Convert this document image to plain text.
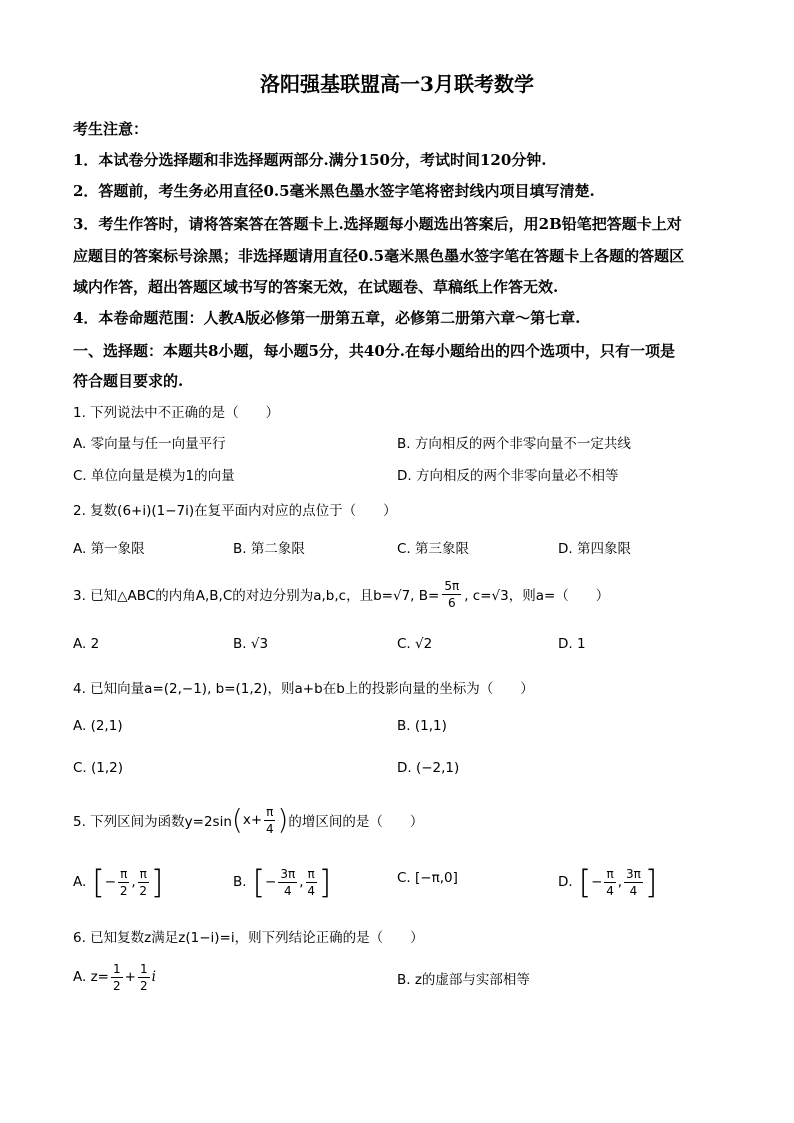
洛阳强基联盟高一3月联考数学
考生注意：
1．本试卷分选择题和非选择题两部分.满分150分，考试时间120分钟.
2．答题前，考生务必用直径0.5毫米黑色墨水签字笔将密封线内项目填写清楚.
3．考生作答时，请将答案答在答题卡上.选择题每小题选出答案后，用2B铅笔把答题卡上对
应题目的答案标号涂黑；非选择题请用直径0.5毫米黑色墨水签字笔在答题卡上各题的答题区
域内作答，超出答题区域书写的答案无效，在试题卷、草稿纸上作答无效.
4．本卷命题范围：人教A版必修第一册第五章，必修第二册第六章～第七章.
一、选择题：本题共8小题，每小题5分，共40分.在每小题给出的四个选项中，只有一项是
符合题目要求的.
1. 下列说法中不正确的是（　　）
A. 零向量与任一向量平行	B. 方向相反的两个非零向量不一定共线
C. 单位向量是模为1的向量	D. 方向相反的两个非零向量必不相等
2. 复数(6+i)(1−7i)在复平面内对应的点位于（　　）
A. 第一象限	B. 第二象限	C. 第三象限	D. 第四象限
3. 已知△ABC的内角A,B,C的对边分别为a,b,c，且b=√7, $B= \frac{5\pi}{6}$ , c=√3，则a=（　　）
A. 2	B. √3	C. √2	D. 1
4. 已知向量a=(2,−1), b=(1,2)，则a+b在b上的投影向量的坐标为（　　）
A. (2,1)	B. (1,1)
C. (1,2)	D. (−2,1)
5. 下列区间为函数y=2sin ( $x+ \frac{\pi}{4}$ ) 的增区间的是（　　）
A. [ − $\frac{\pi}{2}$ , $\frac{\pi}{2}$ ]	B. [ − $\frac{3\pi}{4}$ , $\frac{\pi}{4}$ ]	C. [−π,0]	D. [ − $\frac{\pi}{4}$ , $\frac{3\pi}{4}$ ]
6. 已知复数z满足z(1−i)=i，则下列结论正确的是（　　）
A. $z= \frac{1}{2} + \frac{1}{2}$ i	B. z的虚部与实部相等
